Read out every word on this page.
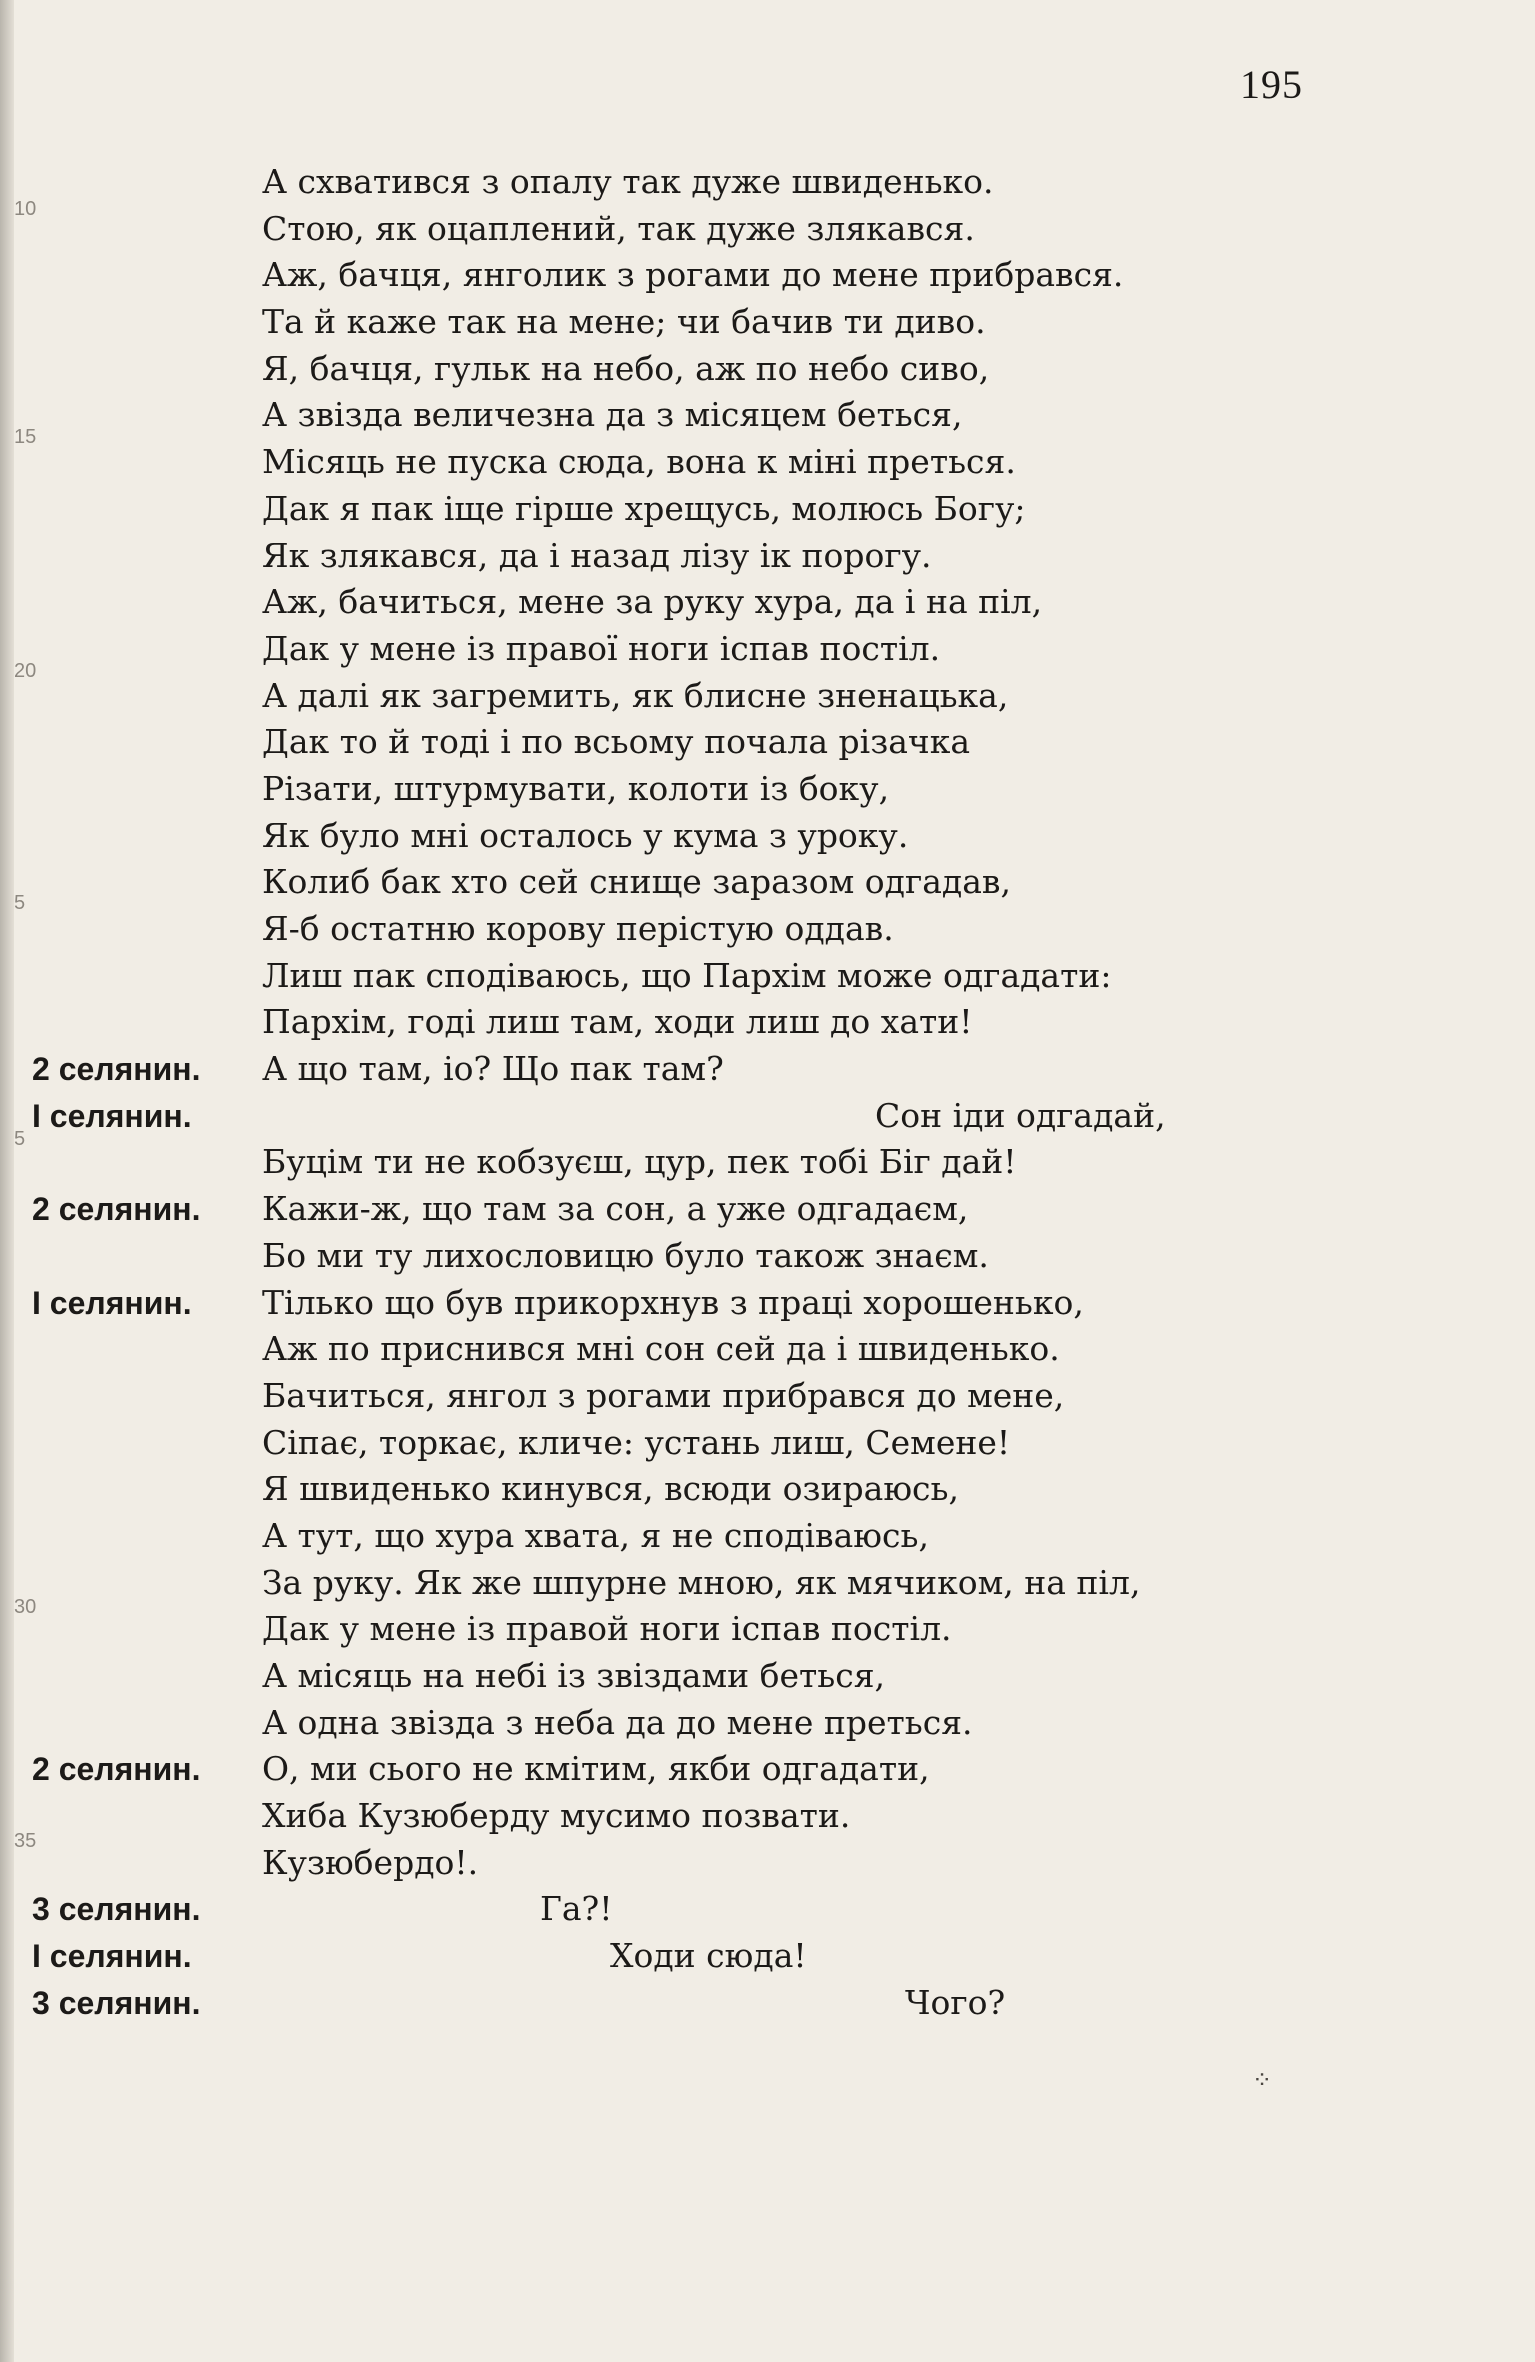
10
15
20
5
5
30
35
195
А схватився з опалу так дуже швиденько.
Стою, як оцаплений, так дуже злякався.
Аж, бачця, янголик з рогами до мене прибрався.
Та й каже так на мене; чи бачив ти диво.
Я, бачця, гульк на небо, аж по небо сиво,
А звізда величезна да з місяцем беться,
Місяць не пуска сюда, вона к міні преться.
Дак я пак іще гірше хрещусь, молюсь Богу;
Як злякався, да і назад лізу ік порогу.
Аж, бачиться, мене за руку хура, да і на піл,
Дак у мене із правої ноги іспав постіл.
А далі як загремить, як блисне зненацька,
Дак то й тоді і по всьому почала різачка
Різати, штурмувати, колоти із боку,
Як було мні осталось у кума з уроку.
Колиб бак хто сей снище заразом одгадав,
Я-б остатню корову перістую оддав.
Лиш пак сподіваюсь, що Пархім може одгадати:
Пархім, годі лиш там, ходи лиш до хати!
2 селянин.	А що там, іо? Що пак там?
I селянин.	Сон іди одгадай,
Буцім ти не кобзуєш, цур, пек тобі Біг дай!
2 селянин.	Кажи-ж, що там за сон, а уже одгадаєм,
Бо ми ту лихословицю було також знаєм.
I селянин.	Тілько що був прикорхнув з праці хорошенько,
Аж по приснився мні сон сей да і швиденько.
Бачиться, янгол з рогами прибрався до мене,
Сіпає, торкає, кличе: устань лиш, Семене!
Я швиденько кинувся, всюди озираюсь,
А тут, що хура хвата, я не сподіваюсь,
За руку. Як же шпурне мною, як мячиком, на піл,
Дак у мене із правой ноги іспав постіл.
А місяць на небі із звіздами беться,
А одна звізда з неба да до мене преться.
2 селянин.	О, ми сього не кмітим, якби одгадати,
Хиба Кузюберду мусимо позвати.
Кузюбердо!.
3 селянин.	Га?!
I селянин.	Ходи сюда!
3 селянин.	Чого?
⁘
